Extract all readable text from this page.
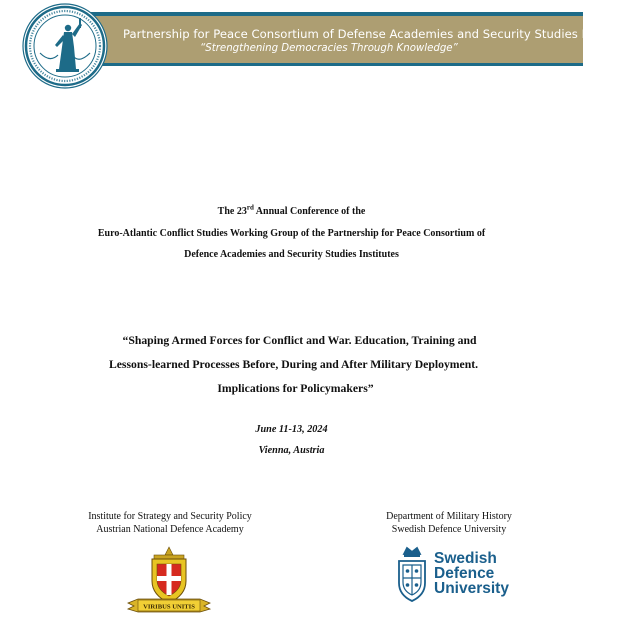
Partnership for Peace Consortium of Defense Academies and Security Studies Institutes
“Strengthening Democracies Through Knowledge”
The 23rd Annual Conference of the
Euro-Atlantic Conflict Studies Working Group of the Partnership for Peace Consortium of
Defence Academies and Security Studies Institutes
“Shaping Armed Forces for Conflict and War. Education, Training and
Lessons-learned Processes Before, During and After Military Deployment.
Implications for Policymakers”
June 11-13, 2024
Vienna, Austria
Institute for Strategy and Security Policy
Austrian National Defence Academy
Department of Military History
Swedish Defence University
VIRIBUS UNITIS
Swedish
Defence
University
